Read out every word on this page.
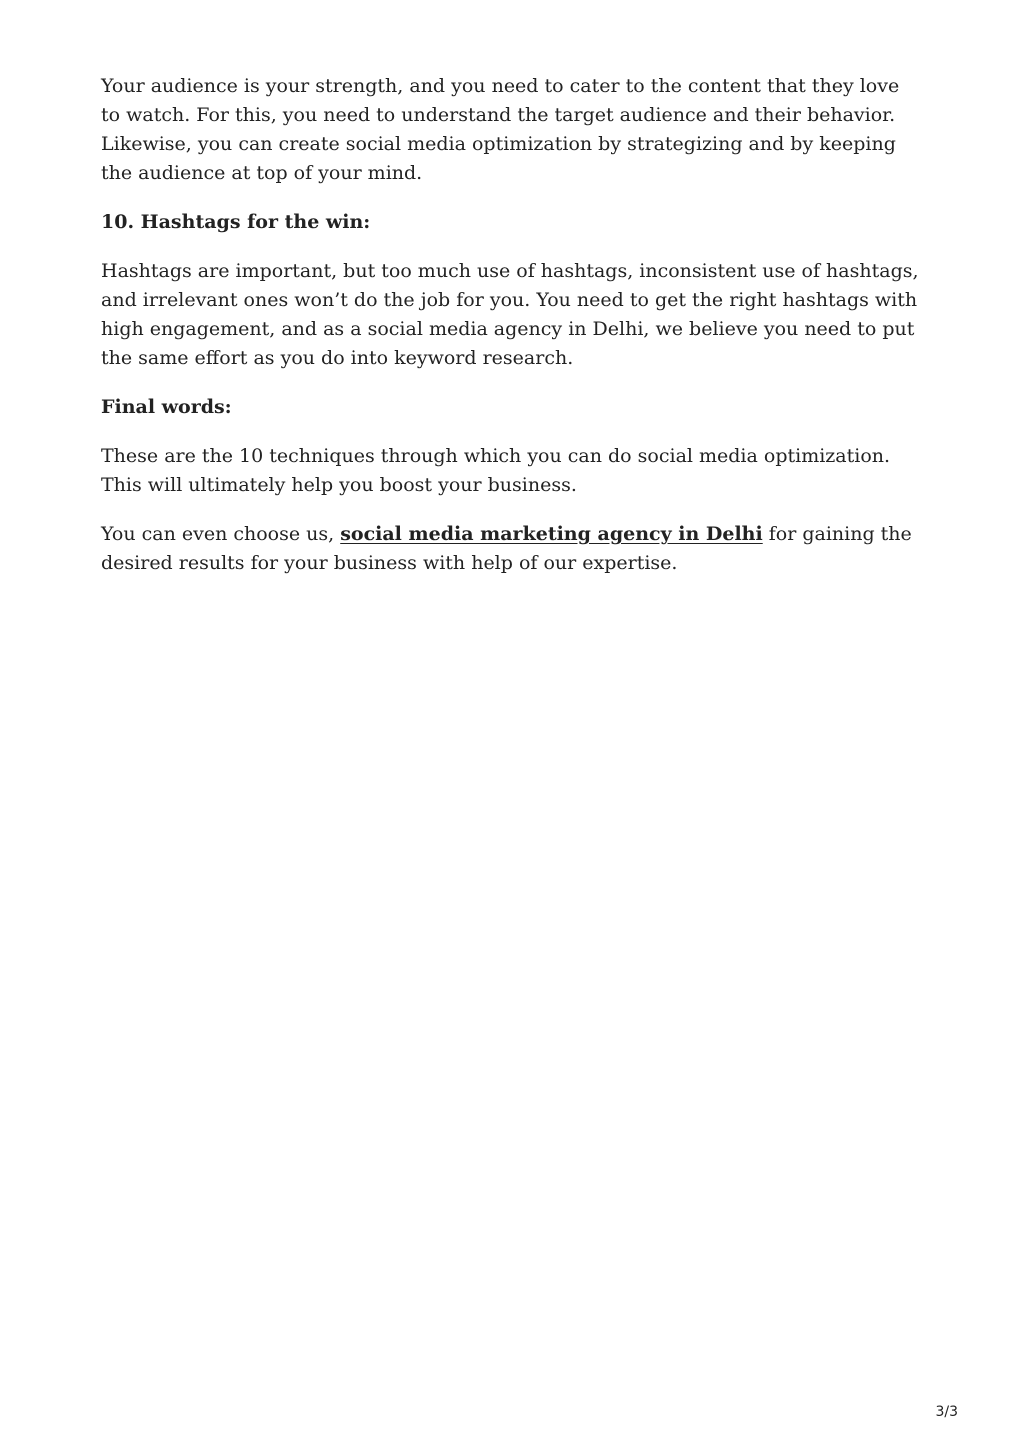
Your audience is your strength, and you need to cater to the content that they love to watch. For this, you need to understand the target audience and their behavior. Likewise, you can create social media optimization by strategizing and by keeping the audience at top of your mind.

10. Hashtags for the win:

Hashtags are important, but too much use of hashtags, inconsistent use of hashtags, and irrelevant ones won’t do the job for you. You need to get the right hashtags with high engagement, and as a social media agency in Delhi, we believe you need to put the same effort as you do into keyword research.

Final words:

These are the 10 techniques through which you can do social media optimization. This will ultimately help you boost your business.

You can even choose us, social media marketing agency in Delhi for gaining the desired results for your business with help of our expertise.

3/3
